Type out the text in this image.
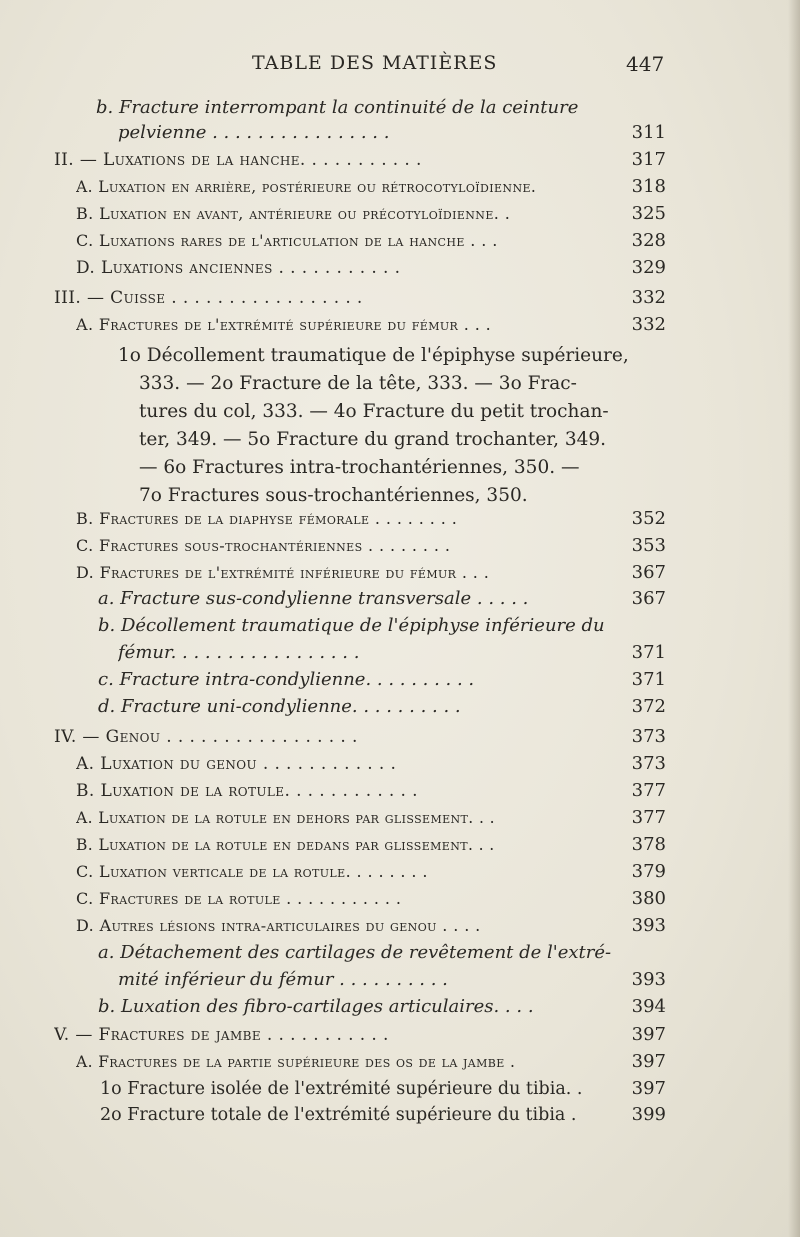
TABLE DES MATIÈRES	447
b. Fracture interrompant la continuité de la ceinture
pelvienne . . . . . . . . . . . . . . . .	311
II. — Luxations de la hanche. . . . . . . . . . .	317
A. Luxation en arrière, postérieure ou rétrocotyloïdienne.	318
B. Luxation en avant, antérieure ou précotyloïdienne. .	325
C. Luxations rares de l'articulation de la hanche . . .	328
D. Luxations anciennes . . . . . . . . . . .	329
III. — Cuisse . . . . . . . . . . . . . . . . .	332
A. Fractures de l'extrémité supérieure du fémur . . .	332
1o Décollement traumatique de l'épiphyse supérieure,
333. — 2o Fracture de la tête, 333. — 3o Frac-
tures du col, 333. — 4o Fracture du petit trochan-
ter, 349. — 5o Fracture du grand trochanter, 349.
— 6o Fractures intra-trochantériennes, 350. —
7o Fractures sous-trochantériennes, 350.
B. Fractures de la diaphyse fémorale . . . . . . . .	352
C. Fractures sous-trochantériennes . . . . . . . .	353
D. Fractures de l'extrémité inférieure du fémur . . .	367
a. Fracture sus-condylienne transversale . . . . .	367
b. Décollement traumatique de l'épiphyse inférieure du
fémur. . . . . . . . . . . . . . . . .	371
c. Fracture intra-condylienne. . . . . . . . . .	371
d. Fracture uni-condylienne. . . . . . . . . .	372
IV. — Genou . . . . . . . . . . . . . . . . .	373
A. Luxation du genou . . . . . . . . . . . .	373
B. Luxation de la rotule. . . . . . . . . . . .	377
A. Luxation de la rotule en dehors par glissement. . .	377
B. Luxation de la rotule en dedans par glissement. . .	378
C. Luxation verticale de la rotule. . . . . . . .	379
C. Fractures de la rotule . . . . . . . . . . .	380
D. Autres lésions intra-articulaires du genou . . . .	393
a. Détachement des cartilages de revêtement de l'extré-
mité inférieur du fémur . . . . . . . . . .	393
b. Luxation des fibro-cartilages articulaires. . . .	394
V. — Fractures de jambe . . . . . . . . . . .	397
A. Fractures de la partie supérieure des os de la jambe .	397
1o Fracture isolée de l'extrémité supérieure du tibia. .	397
2o Fracture totale de l'extrémité supérieure du tibia .	399
